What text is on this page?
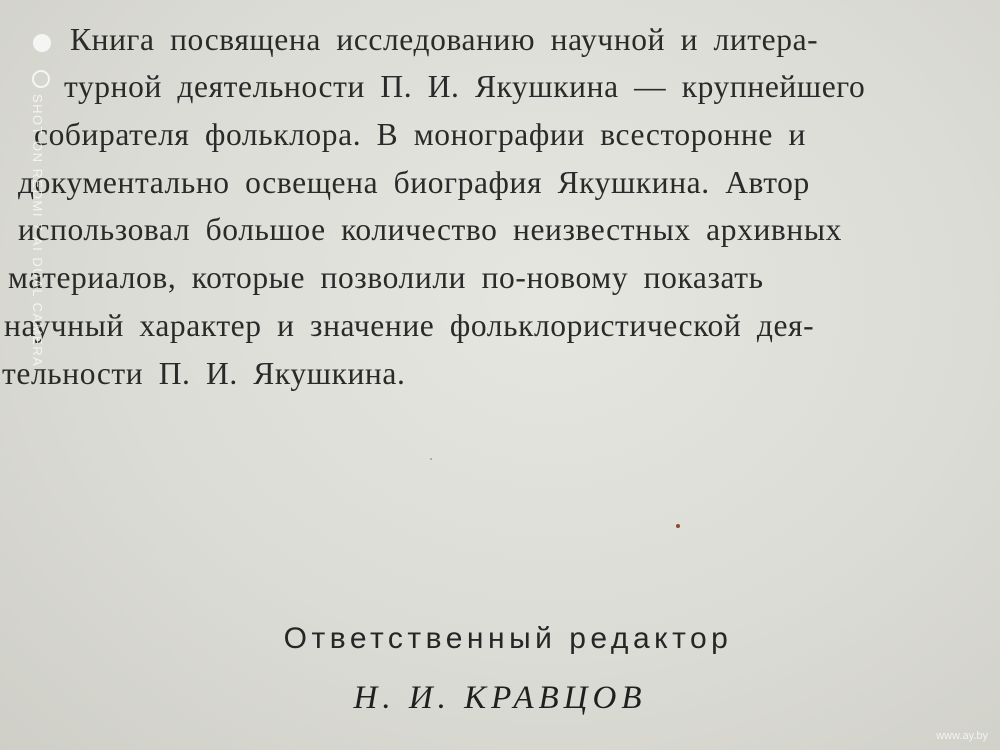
Книга посвящена исследованию научной и литера-
турной деятельности П. И. Якушкина — крупнейшего
собирателя фольклора. В монографии всесторонне и
документально освещена биография Якушкина. Автор
использовал большое количество неизвестных архивных
материалов, которые позволили по-новому показать
научный характер и значение фольклористической дея-
тельности П. И. Якушкина.
Ответственный редактор
Н. И. КРАВЦОВ
SHOT ON REDMI 7 AI DUAL CAMERA
www.ay.by
